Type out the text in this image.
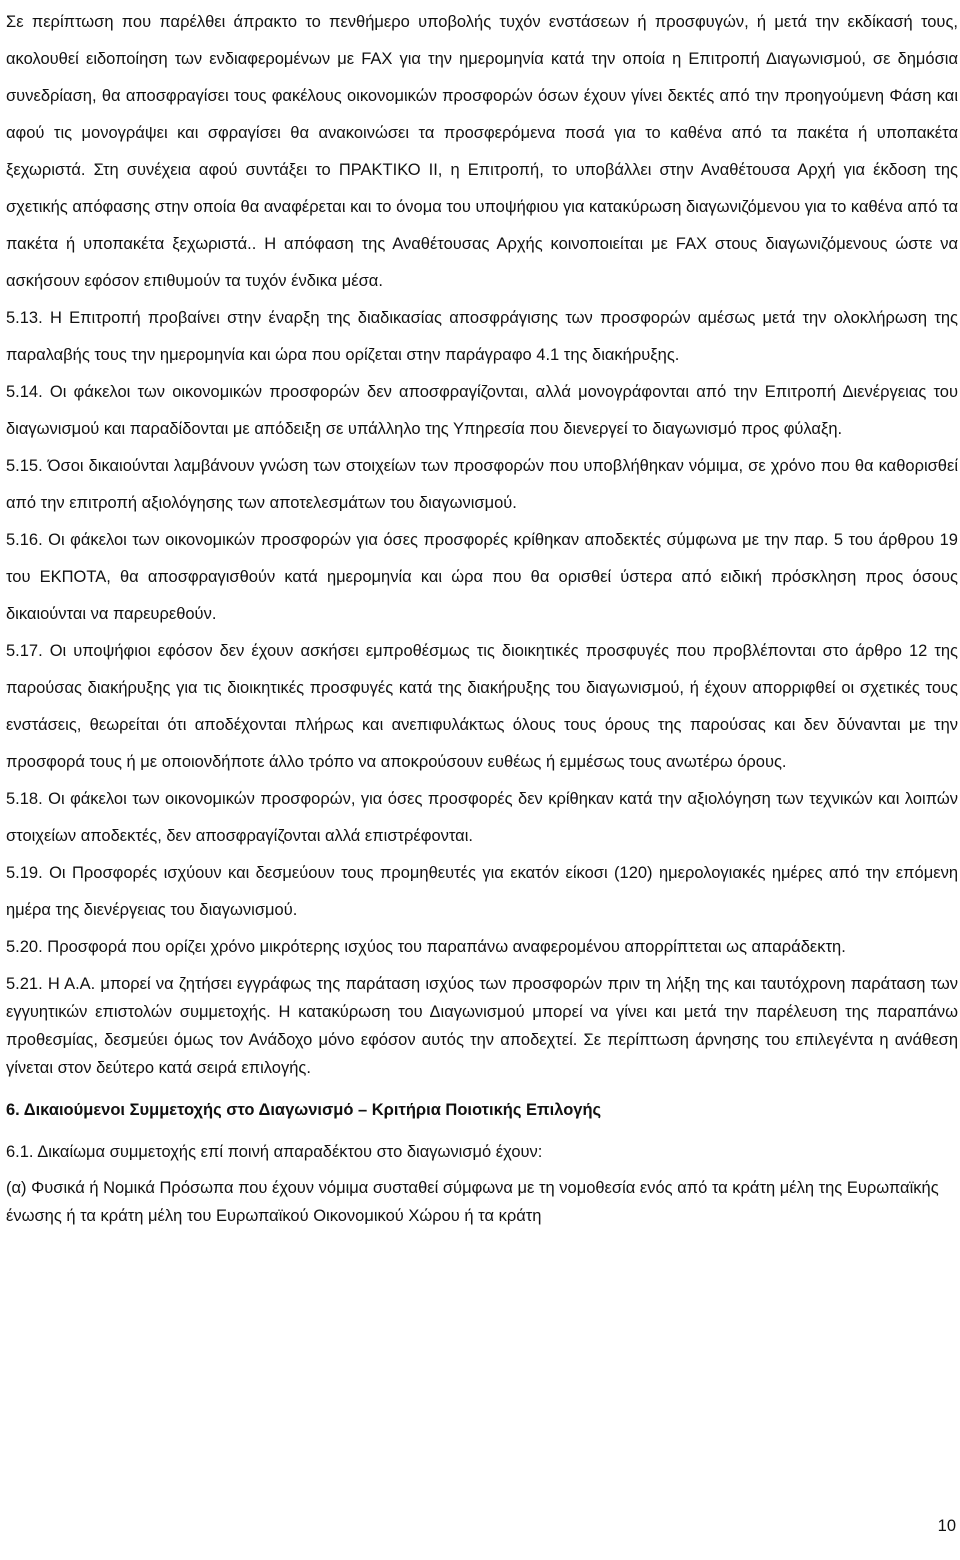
Σε περίπτωση που παρέλθει άπρακτο το πενθήμερο υποβολής τυχόν ενστάσεων ή προσφυγών, ή μετά την εκδίκασή τους, ακολουθεί ειδοποίηση των ενδιαφερομένων με FAX για την ημερομηνία κατά την οποία η Επιτροπή Διαγωνισμού, σε δημόσια συνεδρίαση, θα αποσφραγίσει τους φακέλους οικονομικών προσφορών όσων έχουν γίνει δεκτές από την προηγούμενη Φάση και αφού τις μονογράψει και σφραγίσει θα ανακοινώσει τα προσφερόμενα ποσά για το καθένα από τα πακέτα ή υποπακέτα ξεχωριστά. Στη συνέχεια αφού συντάξει το ΠΡΑΚΤΙΚΟ ΙΙ, η Επιτροπή, το υποβάλλει στην Αναθέτουσα Αρχή για έκδοση της σχετικής απόφασης στην οποία θα αναφέρεται και το όνομα του υποψήφιου για κατακύρωση διαγωνιζόμενου για το καθένα από τα πακέτα ή υποπακέτα ξεχωριστά.. Η απόφαση της Αναθέτουσας Αρχής κοινοποιείται με FAX στους διαγωνιζόμενους ώστε να ασκήσουν εφόσον επιθυμούν τα τυχόν ένδικα μέσα.

5.13. Η Επιτροπή προβαίνει στην έναρξη της διαδικασίας αποσφράγισης των προσφορών αμέσως μετά την ολοκλήρωση της παραλαβής τους την ημερομηνία και ώρα που ορίζεται στην παράγραφο 4.1 της διακήρυξης.

5.14. Οι φάκελοι των οικονομικών προσφορών δεν αποσφραγίζονται, αλλά μονογράφονται από την Επιτροπή Διενέργειας του διαγωνισμού και παραδίδονται με απόδειξη σε υπάλληλο της Υπηρεσία που διενεργεί το διαγωνισμό προς φύλαξη.

5.15. Όσοι δικαιούνται λαμβάνουν γνώση των στοιχείων των προσφορών που υποβλήθηκαν νόμιμα, σε χρόνο που θα καθορισθεί από την επιτροπή αξιολόγησης των αποτελεσμάτων του διαγωνισμού.

5.16. Οι φάκελοι των οικονομικών προσφορών για όσες προσφορές κρίθηκαν αποδεκτές σύμφωνα με την παρ. 5 του άρθρου 19 του ΕΚΠΟΤΑ, θα αποσφραγισθούν κατά ημερομηνία και ώρα που θα ορισθεί ύστερα από ειδική πρόσκληση προς όσους δικαιούνται να παρευρεθούν.

5.17. Οι υποψήφιοι εφόσον δεν έχουν ασκήσει εμπροθέσμως τις διοικητικές προσφυγές που προβλέπονται στο άρθρο 12 της παρούσας διακήρυξης για τις διοικητικές προσφυγές κατά της διακήρυξης του διαγωνισμού, ή έχουν απορριφθεί οι σχετικές τους ενστάσεις, θεωρείται ότι αποδέχονται πλήρως και ανεπιφυλάκτως όλους τους όρους της παρούσας και δεν δύνανται με την προσφορά τους ή με οποιονδήποτε άλλο τρόπο να αποκρούσουν ευθέως ή εμμέσως τους ανωτέρω όρους.

5.18. Οι φάκελοι των οικονομικών προσφορών, για όσες προσφορές δεν κρίθηκαν κατά την αξιολόγηση των τεχνικών και λοιπών στοιχείων αποδεκτές, δεν αποσφραγίζονται αλλά επιστρέφονται.

5.19. Οι Προσφορές ισχύουν και δεσμεύουν τους προμηθευτές για εκατόν είκοσι (120) ημερολογιακές ημέρες από την επόμενη ημέρα της διενέργειας του διαγωνισμού.

5.20. Προσφορά που ορίζει χρόνο μικρότερης ισχύος του παραπάνω αναφερομένου απορρίπτεται ως απαράδεκτη.

5.21. Η Α.Α. μπορεί να ζητήσει εγγράφως της παράταση ισχύος των προσφορών πριν τη λήξη της και ταυτόχρονη παράταση των εγγυητικών επιστολών συμμετοχής. Η κατακύρωση του Διαγωνισμού μπορεί να γίνει και μετά την παρέλευση της παραπάνω προθεσμίας, δεσμεύει όμως τον Ανάδοχο μόνο εφόσον αυτός την αποδεχτεί. Σε περίπτωση άρνησης του επιλεγέντα η ανάθεση γίνεται στον δεύτερο κατά σειρά επιλογής.

6. Δικαιούμενοι Συμμετοχής στο Διαγωνισμό – Κριτήρια Ποιοτικής Επιλογής

6.1. Δικαίωμα συμμετοχής επί ποινή απαραδέκτου στο διαγωνισμό έχουν:

(α) Φυσικά ή Νομικά Πρόσωπα που έχουν νόμιμα συσταθεί σύμφωνα με τη νομοθεσία ενός από τα κράτη μέλη της Ευρωπαϊκής ένωσης ή τα κράτη μέλη του Ευρωπαϊκού Οικονομικού Χώρου ή τα κράτη

10
